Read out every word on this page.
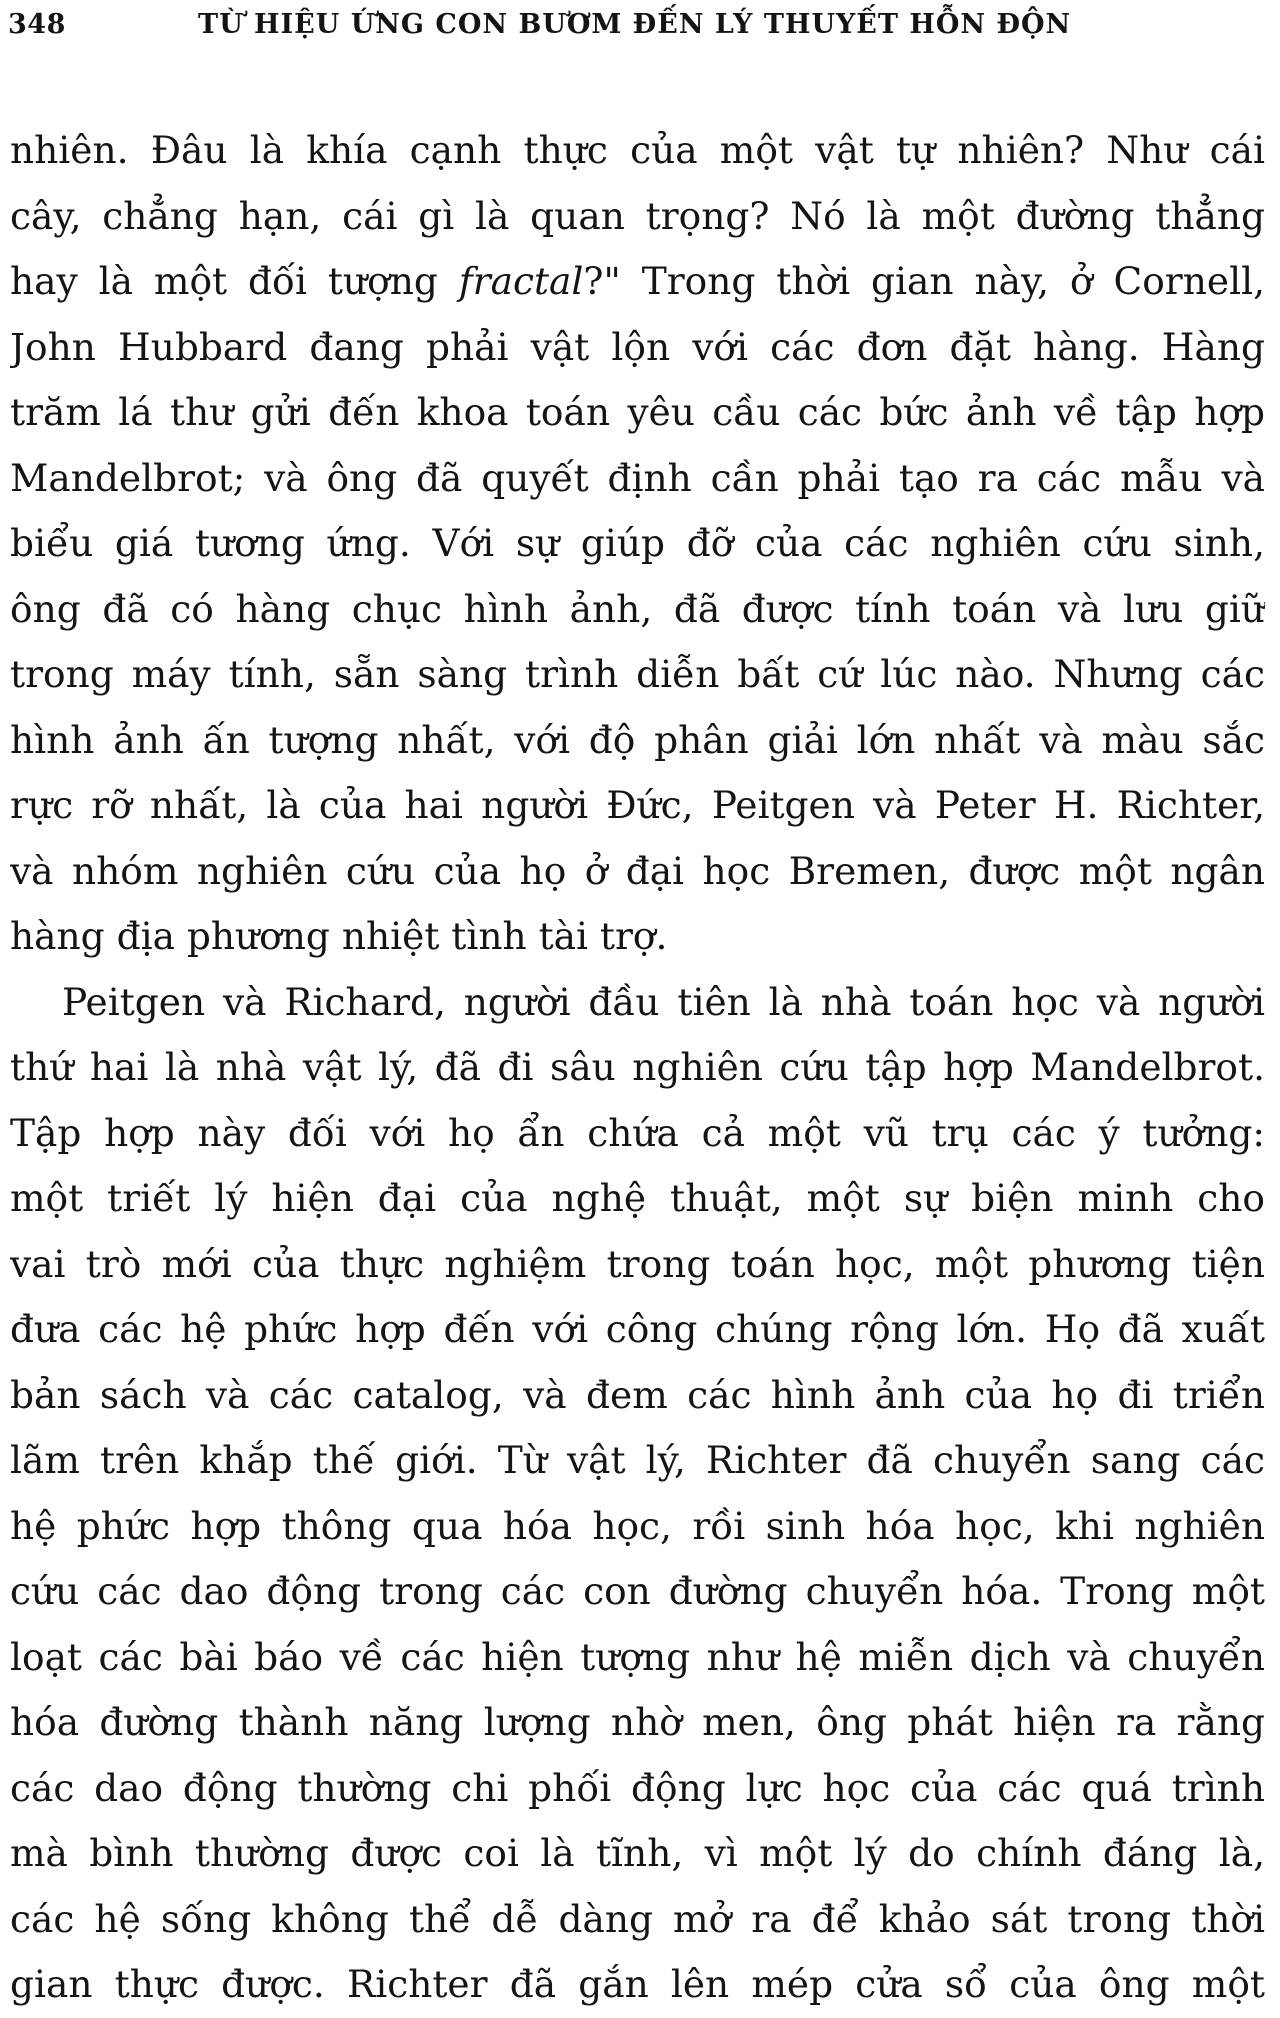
348	TỪ HIỆU ỨNG CON BƯƠM ĐẾN LÝ THUYẾT HỖN ĐỘN
nhiên. Đâu là khía cạnh thực của một vật tự nhiên? Như cái
cây, chẳng hạn, cái gì là quan trọng? Nó là một đường thẳng
hay là một đối tượng fractal?" Trong thời gian này, ở Cornell,
John Hubbard đang phải vật lộn với các đơn đặt hàng. Hàng
trăm lá thư gửi đến khoa toán yêu cầu các bức ảnh về tập hợp
Mandelbrot; và ông đã quyết định cần phải tạo ra các mẫu và
biểu giá tương ứng. Với sự giúp đỡ của các nghiên cứu sinh,
ông đã có hàng chục hình ảnh, đã được tính toán và lưu giữ
trong máy tính, sẵn sàng trình diễn bất cứ lúc nào. Nhưng các
hình ảnh ấn tượng nhất, với độ phân giải lớn nhất và màu sắc
rực rỡ nhất, là của hai người Đức, Peitgen và Peter H. Richter,
và nhóm nghiên cứu của họ ở đại học Bremen, được một ngân
hàng địa phương nhiệt tình tài trợ.
Peitgen và Richard, người đầu tiên là nhà toán học và người
thứ hai là nhà vật lý, đã đi sâu nghiên cứu tập hợp Mandelbrot.
Tập hợp này đối với họ ẩn chứa cả một vũ trụ các ý tưởng:
một triết lý hiện đại của nghệ thuật, một sự biện minh cho
vai trò mới của thực nghiệm trong toán học, một phương tiện
đưa các hệ phức hợp đến với công chúng rộng lớn. Họ đã xuất
bản sách và các catalog, và đem các hình ảnh của họ đi triển
lãm trên khắp thế giới. Từ vật lý, Richter đã chuyển sang các
hệ phức hợp thông qua hóa học, rồi sinh hóa học, khi nghiên
cứu các dao động trong các con đường chuyển hóa. Trong một
loạt các bài báo về các hiện tượng như hệ miễn dịch và chuyển
hóa đường thành năng lượng nhờ men, ông phát hiện ra rằng
các dao động thường chi phối động lực học của các quá trình
mà bình thường được coi là tĩnh, vì một lý do chính đáng là,
các hệ sống không thể dễ dàng mở ra để khảo sát trong thời
gian thực được. Richter đã gắn lên mép cửa sổ của ông một
